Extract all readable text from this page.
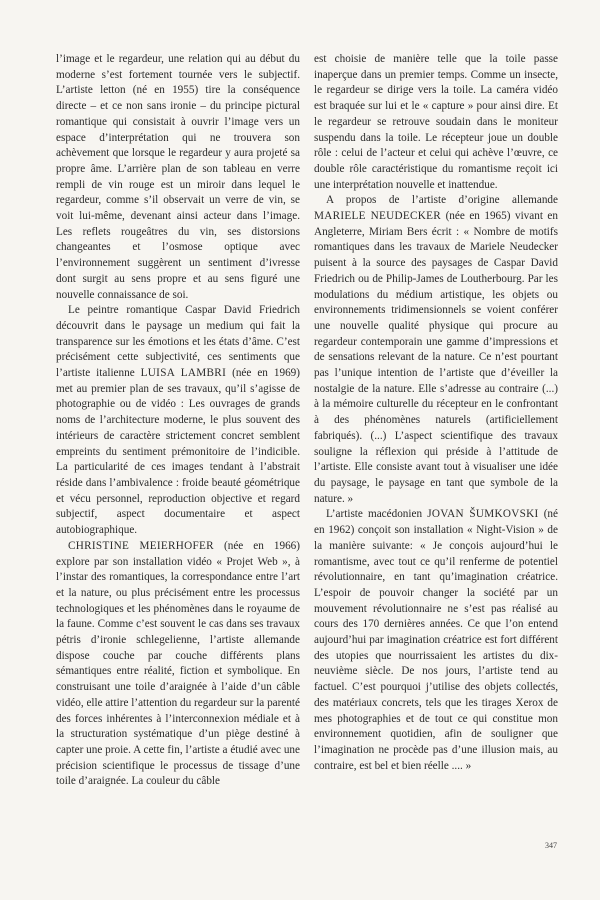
l’image et le regardeur, une relation qui au début du moderne s’est fortement tournée vers le subjectif. L’artiste letton (né en 1955) tire la conséquence directe – et ce non sans ironie – du principe pictural romantique qui consistait à ouvrir l’image vers un espace d’interprétation qui ne trouvera son achèvement que lorsque le regardeur y aura projeté sa propre âme. L’arrière plan de son tableau en verre rempli de vin rouge est un miroir dans lequel le regardeur, comme s’il observait un verre de vin, se voit lui-même, devenant ainsi acteur dans l’image. Les reflets rougeâtres du vin, ses distorsions changeantes et l’osmose optique avec l’environnement suggèrent un sentiment d’ivresse dont surgit au sens propre et au sens figuré une nouvelle connaissance de soi.

Le peintre romantique Caspar David Friedrich découvrit dans le paysage un medium qui fait la transparence sur les émotions et les états d’âme. C’est précisément cette subjectivité, ces sentiments que l’artiste italienne LUISA LAMBRI (née en 1969) met au premier plan de ses travaux, qu’il s’agisse de photographie ou de vidéo : Les ouvrages de grands noms de l’architecture moderne, le plus souvent des intérieurs de caractère strictement concret semblent empreints du sentiment prémonitoire de l’indicible. La particularité de ces images tendant à l’abstrait réside dans l’ambivalence : froide beauté géométrique et vécu personnel, reproduction objective et regard subjectif, aspect documentaire et aspect autobiographique.

CHRISTINE MEIERHOFER (née en 1966) explore par son installation vidéo « Projet Web », à l’instar des romantiques, la correspondance entre l’art et la nature, ou plus précisément entre les processus technologiques et les phénomènes dans le royaume de la faune. Comme c’est souvent le cas dans ses travaux pétris d’ironie schlegelienne, l’artiste allemande dispose couche par couche différents plans sémantiques entre réalité, fiction et symbolique. En construisant une toile d’araignée à l’aide d’un câble vidéo, elle attire l’attention du regardeur sur la parenté des forces inhérentes à l’interconnexion médiale et à la structuration systématique d’un piège destiné à capter une proie. A cette fin, l’artiste a étudié avec une précision scientifique le processus de tissage d’une toile d’araignée. La couleur du câble

est choisie de manière telle que la toile passe inaperçue dans un premier temps. Comme un insecte, le regardeur se dirige vers la toile. La caméra vidéo est braquée sur lui et le « capture » pour ainsi dire. Et le regardeur se retrouve soudain dans le moniteur suspendu dans la toile. Le récepteur joue un double rôle : celui de l’acteur et celui qui achève l’œuvre, ce double rôle caractéristique du romantisme reçoit ici une interprétation nouvelle et inattendue.

A propos de l’artiste d’origine allemande MARIELE NEUDECKER (née en 1965) vivant en Angleterre, Miriam Bers écrit : « Nombre de motifs romantiques dans les travaux de Mariele Neudecker puisent à la source des paysages de Caspar David Friedrich ou de Philip-James de Loutherbourg. Par les modulations du médium artistique, les objets ou environnements tridimensionnels se voient conférer une nouvelle qualité physique qui procure au regardeur contemporain une gamme d’impressions et de sensations relevant de la nature. Ce n’est pourtant pas l’unique intention de l’artiste que d’éveiller la nostalgie de la nature. Elle s’adresse au contraire (...) à la mémoire culturelle du récepteur en le confrontant à des phénomènes naturels (artificiellement fabriqués). (...) L’aspect scientifique des travaux souligne la réflexion qui préside à l’attitude de l’artiste. Elle consiste avant tout à visualiser une idée du paysage, le paysage en tant que symbole de la nature. »

L’artiste macédonien JOVAN ŠUMKOVSKI (né en 1962) conçoit son installation « Night-Vision » de la manière suivante: « Je conçois aujourd’hui le romantisme, avec tout ce qu’il renferme de potentiel révolutionnaire, en tant qu’imagination créatrice. L’espoir de pouvoir changer la société par un mouvement révolutionnaire ne s’est pas réalisé au cours des 170 dernières années. Ce que l’on entend aujourd’hui par imagination créatrice est fort différent des utopies que nourrissaient les artistes du dix-neuvième siècle. De nos jours, l’artiste tend au factuel. C’est pourquoi j’utilise des objets collectés, des matériaux concrets, tels que les tirages Xerox de mes photographies et de tout ce qui constitue mon environnement quotidien, afin de souligner que l’imagination ne procède pas d’une illusion mais, au contraire, est bel et bien réelle .... »

347
